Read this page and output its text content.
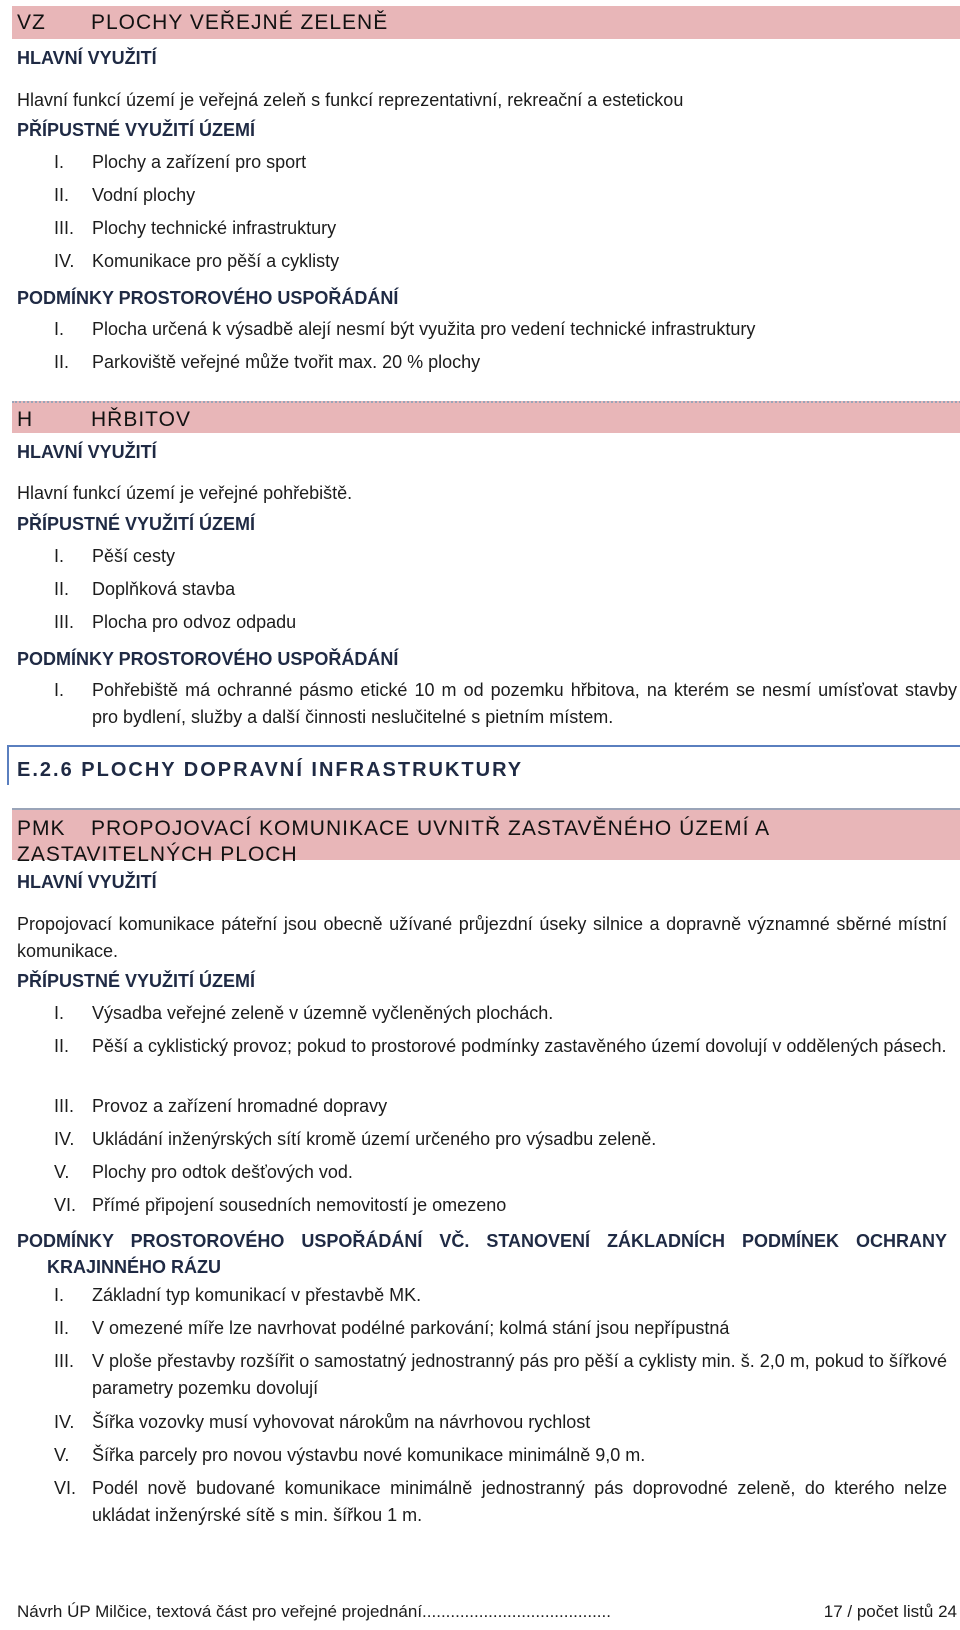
VZ	PLOCHY VEŘEJNÉ ZELENĚ
HLAVNÍ VYUŽITÍ
Hlavní funkcí území je veřejná zeleň s funkcí reprezentativní, rekreační a estetickou
PŘÍPUSTNÉ VYUŽITÍ ÚZEMÍ
I.	Plochy a zařízení pro sport
II.	Vodní plochy
III. Plochy technické infrastruktury
IV. Komunikace pro pěší a cyklisty
PODMÍNKY PROSTOROVÉHO USPOŘÁDÁNÍ
I.	Plocha určená k výsadbě alejí nesmí být využita pro vedení technické infrastruktury
II.	Parkoviště veřejné může tvořit max. 20 % plochy
H	HŘBITOV
HLAVNÍ VYUŽITÍ
Hlavní funkcí území je veřejné pohřebiště.
PŘÍPUSTNÉ VYUŽITÍ ÚZEMÍ
I.	Pěší cesty
II.	Doplňková stavba
III. Plocha pro odvoz odpadu
PODMÍNKY PROSTOROVÉHO USPOŘÁDÁNÍ
I.	Pohřebiště má ochranné pásmo etické 10 m od pozemku hřbitova, na kterém se nesmí umísťovat stavby pro bydlení, služby a další činnosti neslučitelné s pietním místem.
E.2.6 PLOCHY DOPRAVNÍ INFRASTRUKTURY
PMK PROPOJOVACÍ KOMUNIKACE UVNITŘ ZASTAVĚNÉHO ÚZEMÍ A ZASTAVITELNÝCH PLOCH
HLAVNÍ VYUŽITÍ
Propojovací komunikace páteřní jsou obecně užívané průjezdní úseky silnice a dopravně významné sběrné místní komunikace.
PŘÍPUSTNÉ VYUŽITÍ ÚZEMÍ
I.	Výsadba veřejné zeleně v územně vyčleněných plochách.
II.	Pěší a cyklistický provoz; pokud to prostorové podmínky zastavěného území dovolují v oddělených pásech.
III. Provoz a zařízení hromadné dopravy
IV. Ukládání inženýrských sítí kromě území určeného pro výsadbu zeleně.
V.	Plochy pro odtok dešťových vod.
VI. Přímé připojení sousedních nemovitostí je omezeno
PODMÍNKY PROSTOROVÉHO USPOŘÁDÁNÍ VČ. STANOVENÍ ZÁKLADNÍCH PODMÍNEK OCHRANY KRAJINNÉHO RÁZU
I.	Základní typ komunikací v přestavbě MK.
II.	V omezené míře lze navrhovat podélné parkování; kolmá stání jsou nepřípustná
III. V ploše přestavby rozšířit o samostatný jednostranný pás pro pěší a cyklisty min. š. 2,0 m, pokud to šířkové parametry pozemku dovolují
IV. Šířka vozovky musí vyhovovat nárokům na návrhovou rychlost
V.	Šířka parcely pro novou výstavbu nové komunikace minimálně 9,0 m.
VI. Podél nově budované komunikace minimálně jednostranný pás doprovodné zeleně, do kterého nelze ukládat inženýrské sítě s min. šířkou 1 m.
Návrh ÚP Milčice, textová část pro veřejné projednání........................................	17 / počet listů 24
